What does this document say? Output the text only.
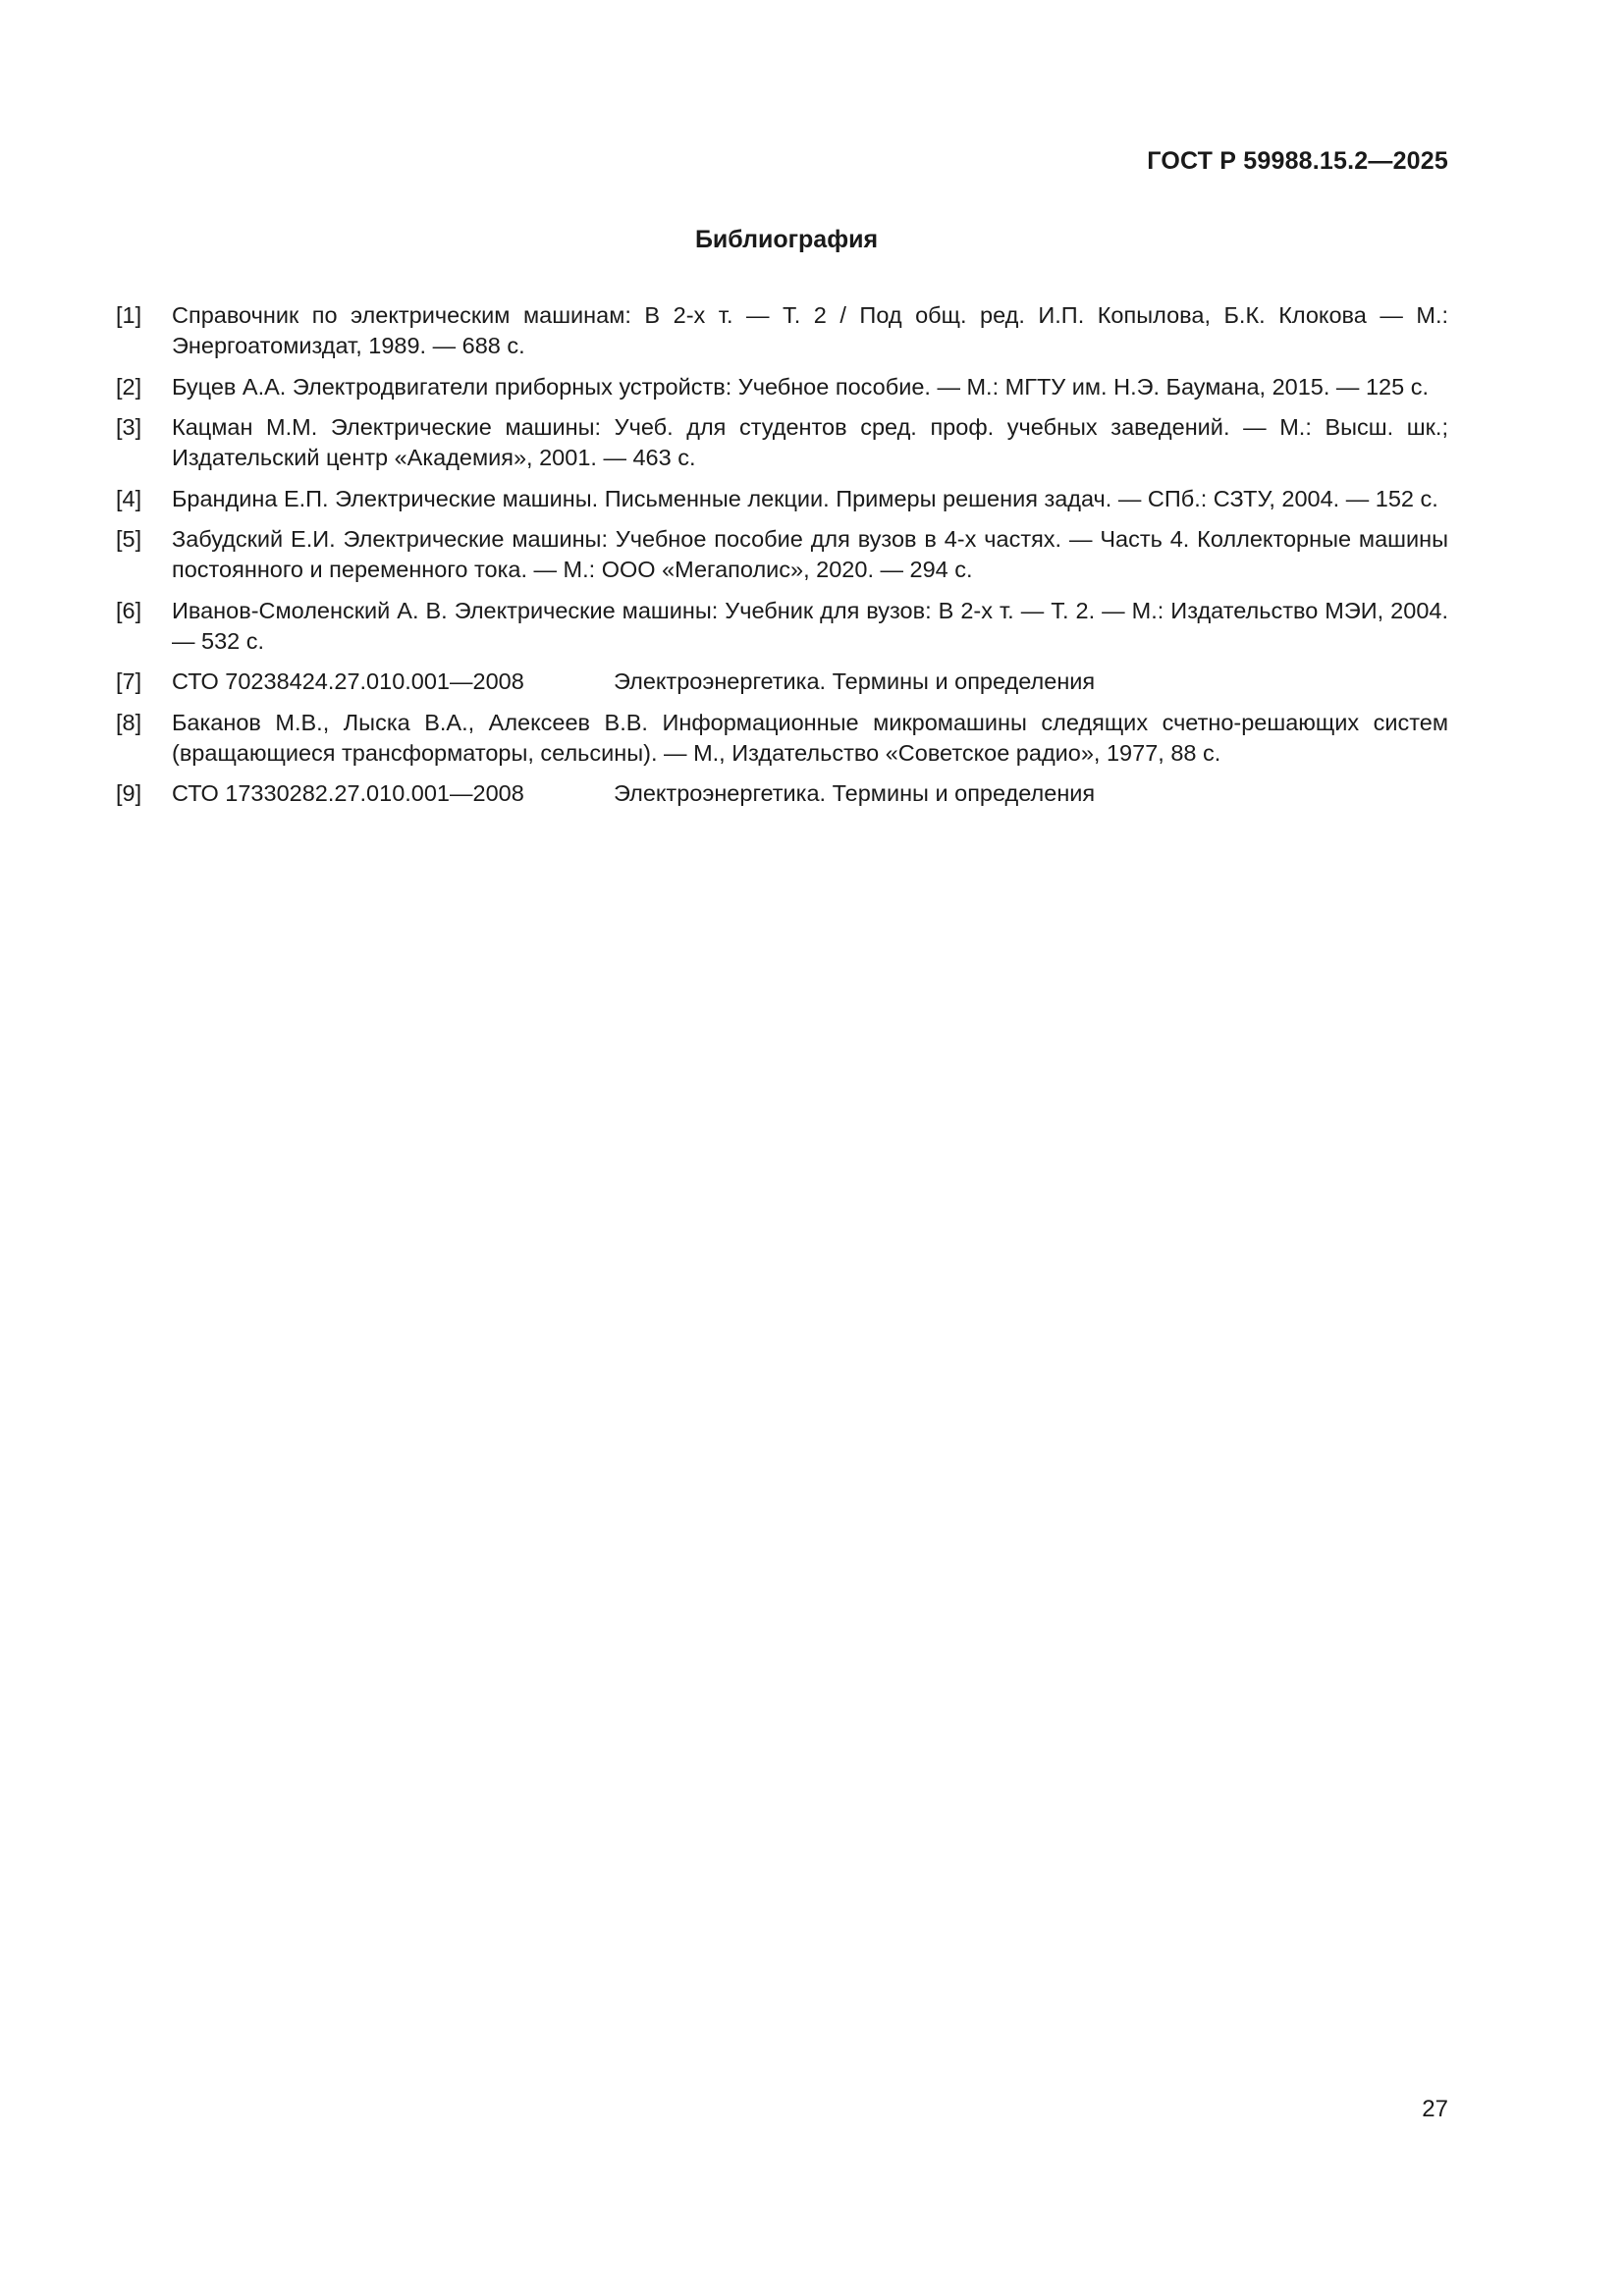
ГОСТ Р 59988.15.2—2025

Библиография
[1]	Справочник по электрическим машинам: В 2-х т. — Т. 2 / Под общ. ред. И.П. Копылова, Б.К. Клокова — М.: Энергоатомиздат, 1989. — 688 с.
[2]	Буцев А.А. Электродвигатели приборных устройств: Учебное пособие. — М.: МГТУ им. Н.Э. Баумана, 2015. — 125 с.
[3]	Кацман М.М. Электрические машины: Учеб. для студентов сред. проф. учебных заведений. — М.: Высш. шк.; Издательский центр «Академия», 2001. — 463 с.
[4]	Брандина Е.П. Электрические машины. Письменные лекции. Примеры решения задач. — СПб.: СЗТУ, 2004. — 152 с.
[5]	Забудский Е.И. Электрические машины: Учебное пособие для вузов в 4-х частях. — Часть 4. Коллекторные машины постоянного и переменного тока. — М.: ООО «Мегаполис», 2020. — 294 с.
[6]	Иванов-Смоленский А. В. Электрические машины: Учебник для вузов: В 2-х т. — Т. 2. — М.: Издательство МЭИ, 2004. — 532 с.
[7]	СТО 70238424.27.010.001—2008	Электроэнергетика. Термины и определения
[8]	Баканов М.В., Лыска В.А., Алексеев В.В. Информационные микромашины следящих счетно-решающих систем (вращающиеся трансформаторы, сельсины). — М., Издательство «Советское радио», 1977, 88 с.
[9]	СТО 17330282.27.010.001—2008	Электроэнергетика. Термины и определения

27
